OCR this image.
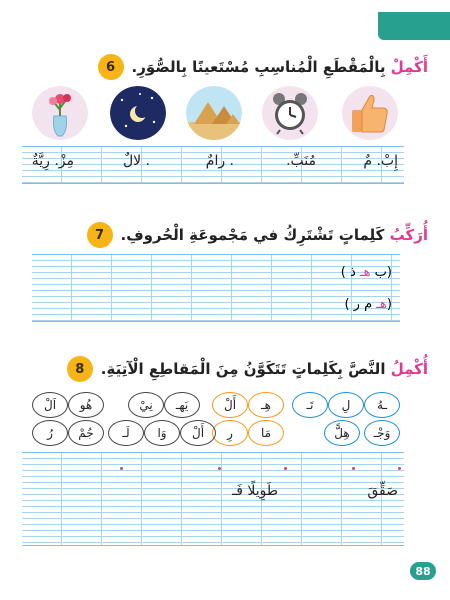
6	أَكْمِلْ بِالْمَقْطَعِ الْمُناسِبِ مُسْتَعينًا بِالصُّوَرِ.
إِبْ. مٌ
مُنَبِّ.
. رامٌ
. لالٌ
مِزْ. رِيَّةٌ
7	أُرَكِّبُ كَلِماتٍ تَشْتَرِكُ في مَجْموعَةِ الْحُروفِ.
(ب هـ ذ )
(هـ م ر )
8	أُكْمِلُ النَّصَّ بِكَلِماتٍ تَتَكَوَّنُ مِنَ الْمَقاطِعِ الْآتِيَةِ.
ـهُ
لِ
تَـ
هِـ
أَلْ
يَهـ
نِيْ
هُو
اَلْ
وَجْـ
هِلًّ
مَا
رِ
لَـ	وَا	أَلْ
جُمْ
رُ
صَقِّقَ
طَوِيلًا فَـ
88
